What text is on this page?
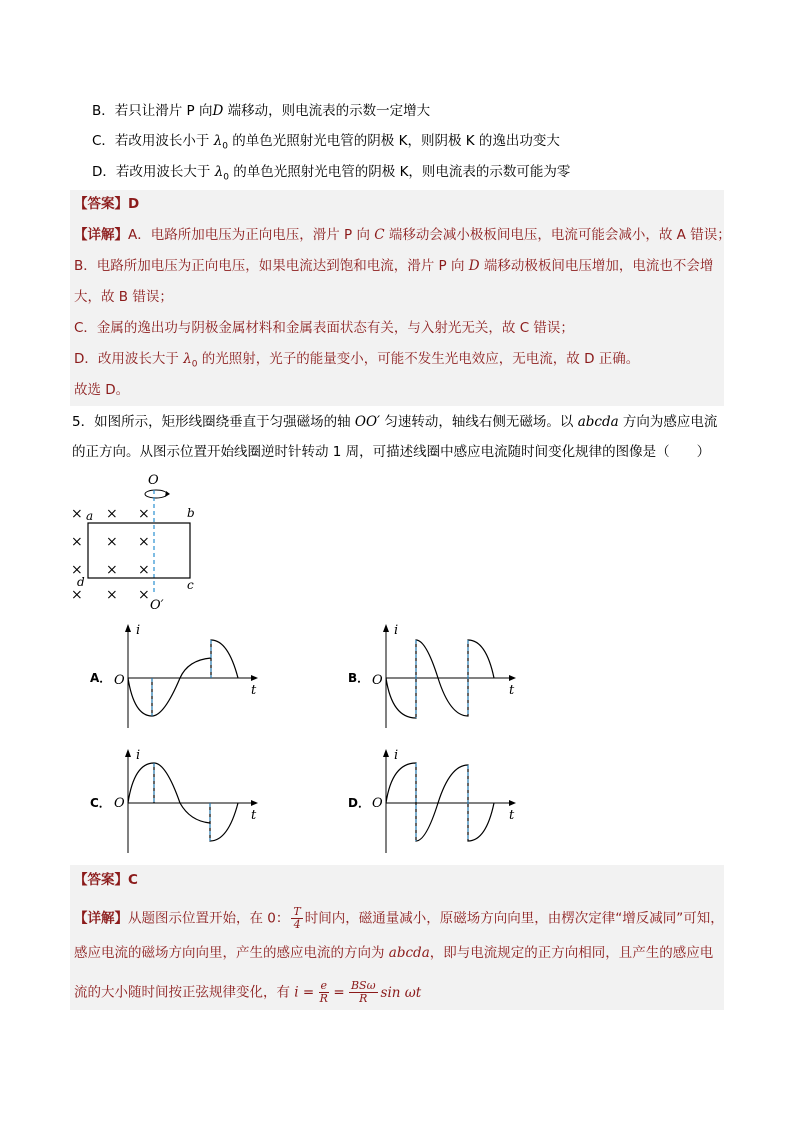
B．若只让滑片 P 向D 端移动，则电流表的示数一定增大
C．若改用波长小于 $\lambda_0$ 的单色光照射光电管的阴极 K，则阴极 K 的逸出功变大
D．若改用波长大于 $\lambda_0$ 的单色光照射光电管的阴极 K，则电流表的示数可能为零
【答案】D
【详解】A．电路所加电压为正向电压，滑片 P 向 C 端移动会减小极板间电压，电流可能会减小，故 A 错误；
B．电路所加电压为正向电压，如果电流达到饱和电流，滑片 P 向 D 端移动极板间电压增加，电流也不会增
大，故 B 错误；
C．金属的逸出功与阴极金属材料和金属表面状态有关，与入射光无关，故 C 错误；
D．改用波长大于 $\lambda_0$ 的光照射，光子的能量变小，可能不发生光电效应，无电流，故 D 正确。
故选 D。
5．如图所示，矩形线圈绕垂直于匀强磁场的轴 OO′ 匀速转动，轴线右侧无磁场。以 abcda 方向为感应电流
的正方向。从图示位置开始线圈逆时针转动 1 周，可描述线圈中感应电流随时间变化规律的图像是（　　）
O
a	b
c
d
O′
× × ×
× × ×
× × ×
× × ×
A． O
i
t
B． O
i
t
C． O
i
t
D． O
i
t
【答案】C
【详解】从题图示位置开始，在 0： $\frac{T}{4}$ 时间内，磁通量减小，原磁场方向向里，由楞次定律“增反减同”可知，
感应电流的磁场方向向里，产生的感应电流的方向为 abcda，即与电流规定的正方向相同，且产生的感应电
流的大小随时间按正弦规律变化，有 $i = \frac{e}{R} = BS\omega$
R sin ωt
